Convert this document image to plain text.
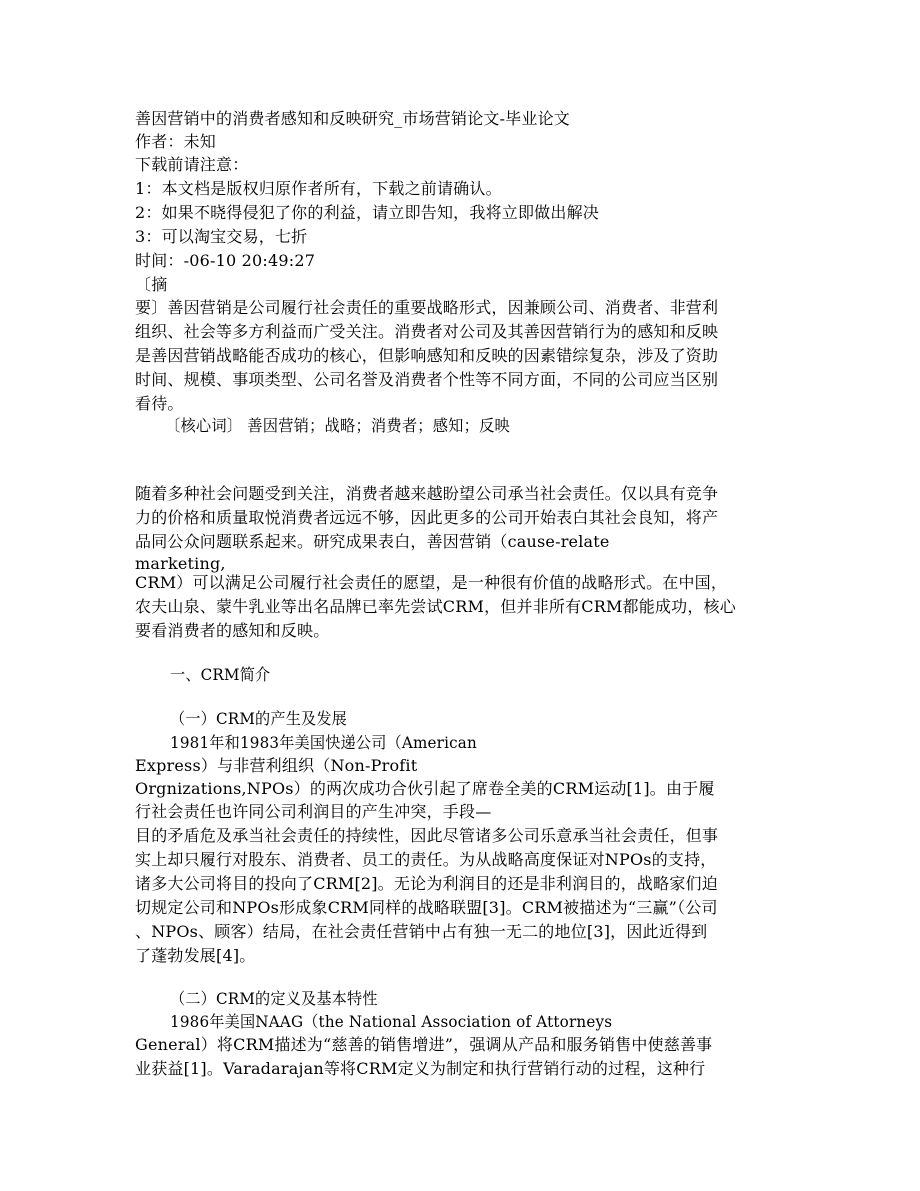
善因营销中的消费者感知和反映研究_市场营销论文-毕业论文
作者：未知
下载前请注意：
1：本文档是版权归原作者所有，下载之前请确认。
2：如果不晓得侵犯了你的利益，请立即告知，我将立即做出解决
3：可以淘宝交易，七折
时间：-06-10 20:49:27
〔摘
要〕善因营销是公司履行社会责任的重要战略形式，因兼顾公司、消费者、非营利
组织、社会等多方利益而广受关注。消费者对公司及其善因营销行为的感知和反映
是善因营销战略能否成功的核心，但影响感知和反映的因素错综复杂，涉及了资助
时间、规模、事项类型、公司名誉及消费者个性等不同方面，不同的公司应当区别
看待。
〔核心词〕 善因营销；战略；消费者；感知；反映
随着多种社会问题受到关注，消费者越来越盼望公司承当社会责任。仅以具有竞争
力的价格和质量取悦消费者远远不够，因此更多的公司开始表白其社会良知，将产
品同公众问题联系起来。研究成果表白，善因营销（cause-relate
marketing,
CRM）可以满足公司履行社会责任的愿望，是一种很有价值的战略形式。在中国，
农夫山泉、蒙牛乳业等出名品牌已率先尝试CRM，但并非所有CRM都能成功，核心
要看消费者的感知和反映。
一、CRM简介
（一）CRM的产生及发展
1981年和1983年美国快递公司（American
Express）与非营利组织（Non-Profit
Orgnizations,NPOs）的两次成功合伙引起了席卷全美的CRM运动[1]。由于履
行社会责任也许同公司利润目的产生冲突，手段—
目的矛盾危及承当社会责任的持续性，因此尽管诸多公司乐意承当社会责任，但事
实上却只履行对股东、消费者、员工的责任。为从战略高度保证对NPOs的支持，
诸多大公司将目的投向了CRM[2]。无论为利润目的还是非利润目的，战略家们迫
切规定公司和NPOs形成象CRM同样的战略联盟[3]。CRM被描述为“三赢”（公司
、NPOs、顾客）结局，在社会责任营销中占有独一无二的地位[3]，因此近得到
了蓬勃发展[4]。
（二）CRM的定义及基本特性
1986年美国NAAG（the National Association of Attorneys
General）将CRM描述为“慈善的销售增进”，强调从产品和服务销售中使慈善事
业获益[1]。Varadarajan等将CRM定义为制定和执行营销行动的过程，这种行
